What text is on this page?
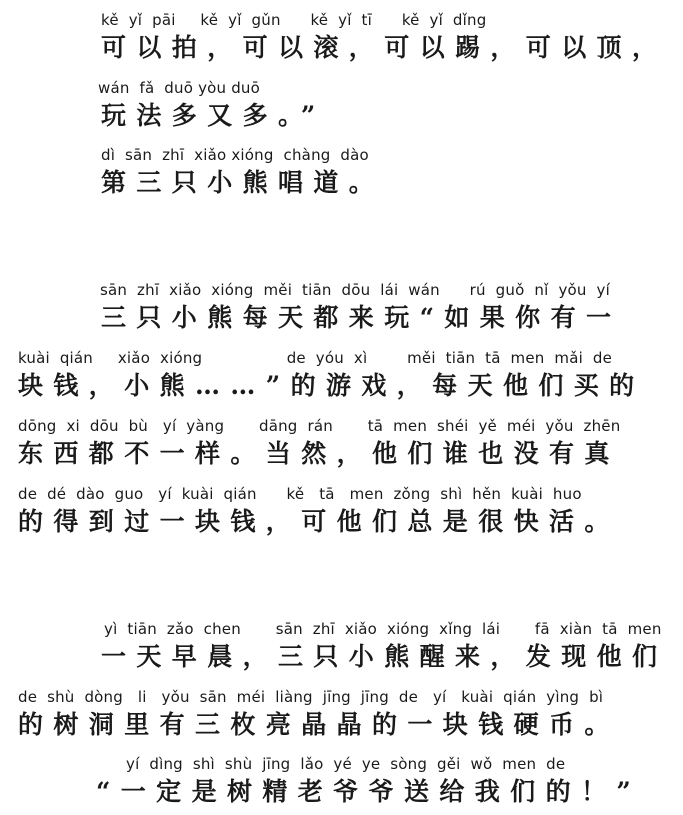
kě  yǐ  pāi     kě  yǐ  gǔn      kě  yǐ  tī      kě  yǐ  dǐng
可以拍，可以滚，可以踢，可以顶，
wán  fǎ  duō yòu duō
玩法多又多。”
dì  sān  zhī  xiǎo xióng  chàng  dào
第三只小熊唱道。
sān  zhī  xiǎo  xióng  měi  tiān  dōu  lái  wán      rú  guǒ  nǐ  yǒu  yí
三只小熊每天都来玩“如果你有一
kuài  qián     xiǎo  xióng                 de  yóu  xì        měi  tiān  tā  men  mǎi  de
块钱，小熊……”的游戏，每天他们买的
dōng  xi  dōu  bù   yí  yàng       dāng  rán       tā  men  shéi  yě  méi  yǒu  zhēn
东西都不一样。当然，他们谁也没有真
de  dé  dào  guo   yí  kuài  qián      kě   tā   men  zǒng  shì  hěn  kuài  huo
的得到过一块钱，可他们总是很快活。
yì  tiān  zǎo  chen       sān  zhī  xiǎo  xióng  xǐng  lái       fā  xiàn  tā  men
一天早晨，三只小熊醒来，发现他们
de  shù  dòng   li   yǒu  sān  méi  liàng  jīng  jīng  de   yí   kuài  qián  yìng  bì
的树洞里有三枚亮晶晶的一块钱硬币。
yí  dìng  shì  shù  jīng  lǎo  yé  ye  sòng  gěi  wǒ  men  de
“一定是树精老爷爷送给我们的！”
